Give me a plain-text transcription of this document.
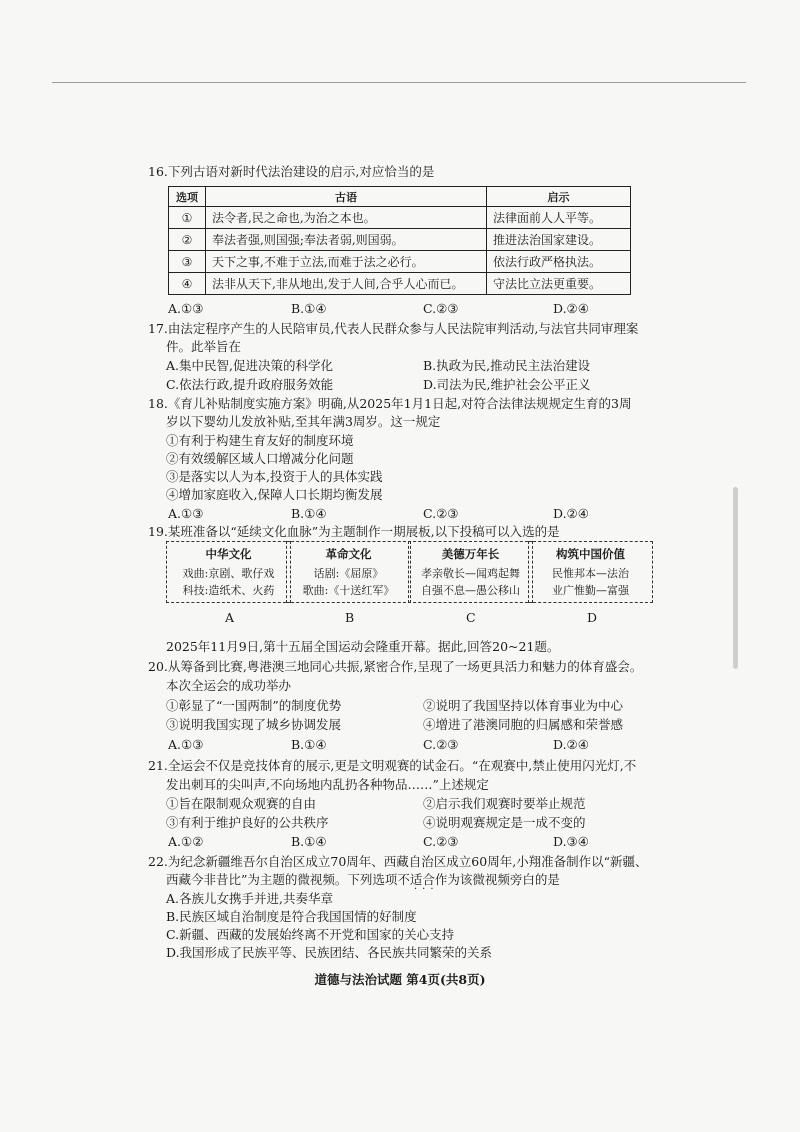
16.下列古语对新时代法治建设的启示,对应恰当的是
选项	古语	启示
①	法令者,民之命也,为治之本也。	法律面前人人平等。
②	奉法者强,则国强;奉法者弱,则国弱。	推进法治国家建设。
③	天下之事,不难于立法,而难于法之必行。	依法行政严格执法。
④	法非从天下,非从地出,发于人间,合乎人心而已。	守法比立法更重要。
A.①③	B.①④	C.②③	D.②④
17.由法定程序产生的人民陪审员,代表人民群众参与人民法院审判活动,与法官共同审理案
件。此举旨在
A.集中民智,促进决策的科学化	B.执政为民,推动民主法治建设
C.依法行政,提升政府服务效能	D.司法为民,维护社会公平正义
18.《育儿补贴制度实施方案》明确,从2025年1月1日起,对符合法律法规规定生育的3周
岁以下婴幼儿发放补贴,至其年满3周岁。这一规定
①有利于构建生育友好的制度环境
②有效缓解区域人口增减分化问题
③是落实以人为本,投资于人的具体实践
④增加家庭收入,保障人口长期均衡发展
A.①③	B.①④	C.②③	D.②④
19.某班准备以“延续文化血脉”为主题制作一期展板,以下投稿可以入选的是
中华文化
戏曲:京剧、歌仔戏
科技:造纸术、火药
革命文化
话剧:《屈原》
歌曲:《十送红军》
美德万年长
孝亲敬长—闻鸡起舞
自强不息—愚公移山
构筑中国价值
民惟邦本—法治
业广惟勤—富强
A	B	C	D
2025年11月9日,第十五届全国运动会隆重开幕。据此,回答20~21题。
20.从筹备到比赛,粤港澳三地同心共振,紧密合作,呈现了一场更具活力和魅力的体育盛会。
本次全运会的成功举办
①彰显了“一国两制”的制度优势	②说明了我国坚持以体育事业为中心
③说明我国实现了城乡协调发展	④增进了港澳同胞的归属感和荣誉感
A.①③	B.①④	C.②③	D.②④
21.全运会不仅是竞技体育的展示,更是文明观赛的试金石。“在观赛中,禁止使用闪光灯,不
发出刺耳的尖叫声,不向场地内乱扔各种物品……”上述规定
①旨在限制观众观赛的自由	②启示我们观赛时要举止规范
③有利于维护良好的公共秩序	④说明观赛规定是一成不变的
A.①②	B.①④	C.②③	D.③④
22.为纪念新疆维吾尔自治区成立70周年、西藏自治区成立60周年,小翔准备制作以“新疆、
西藏今非昔比”为主题的微视频。下列选项不适合作为该微视频旁白的是
···
A.各族儿女携手并进,共奏华章
B.民族区域自治制度是符合我国国情的好制度
C.新疆、西藏的发展始终离不开党和国家的关心支持
D.我国形成了民族平等、民族团结、各民族共同繁荣的关系
道德与法治试题 第4页(共8页)
